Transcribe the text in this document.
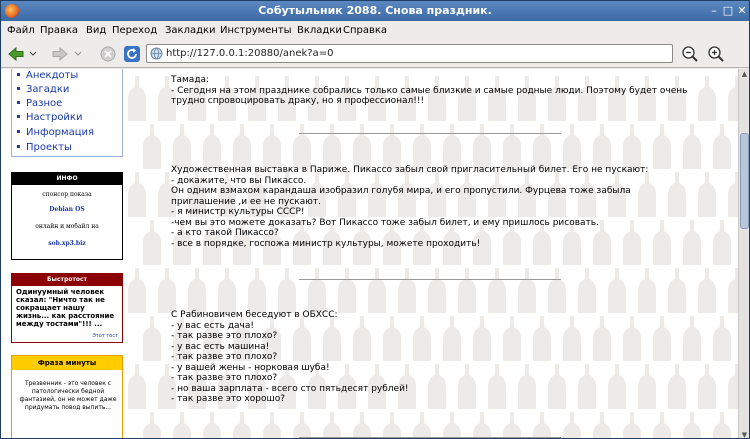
Собутыльник 2088. Снова праздник.	– □ ✕
Файл Правка Вид Переход Закладки Инструменты Вкладки Справка
http://127.0.0.1:20880/anek?a=0
Анекдоты
Загадки
Разное
Настройки
Информация
Проекты
ИНФО
спонсор показа
Debian OS
онлайн и мобайл на
sob.xp3.biz
Быстротост
Одинуумный человек сказал: "Ничто так не сокращает нашу жизнь... как расстояние между тостами"!!! ...
Этот тост
Фраза минуты
Трезвенник - это человек с патологически бедной фантазией, он не может даже придумать повод выпить...

Тамада:

- Сегодня на этом празднике собрались только самые близкие и самые родные люди. Поэтому будет очень

трудно спровоцировать драку, но я профессионал!!!

Художественная выставка в Париже. Пикассо забыл свой пригласительный билет. Его не пускают:

- докажите, что вы Пикассо.

Он одним взмахом карандаша изобразил голубя мира, и его пропустили. Фурцева тоже забыла

приглашение ,и ее не пускают.

- я министр культуры СССР!

-чем вы это можете доказать? Вот Пикассо тоже забыл билет, и ему пришлось рисовать.

- а кто такой Пикассо?

- все в порядке, госпожа министр культуры, можете проходить!

С Рабиновичем беседуют в ОБХСС:

- у вас есть дача!

- так разве это плохо?

- у вас есть машина!

- так разве это плохо?

- у вашей жены - норковая шуба!

- так разве это плохо?

- но ваша зарплата - всего сто пятьдесят рублей!

- так разве это хорошо?

▲
▼
